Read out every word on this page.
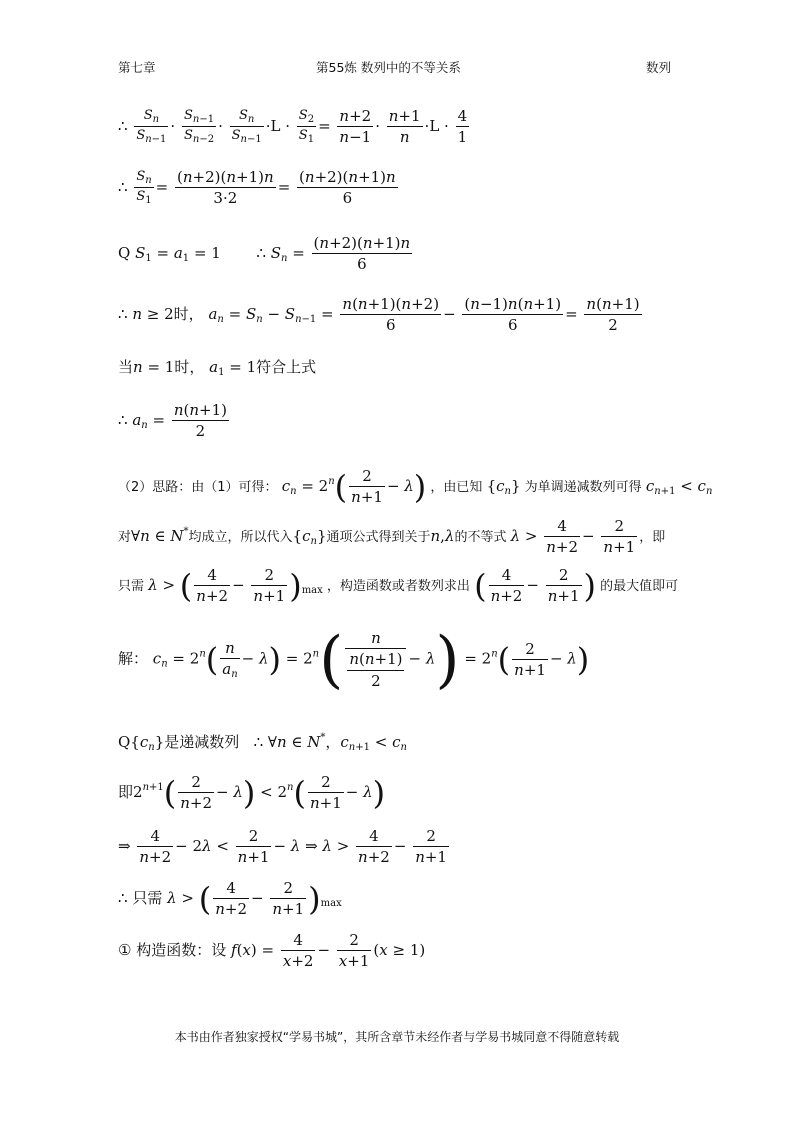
第七章	第55炼 数列中的不等关系	数列
∴ $\frac{S_n}{S_{n-1}} \cdot \frac{S_{n-1}}{S_{n-2}} \cdot \frac{S_n}{S_{n-1}} \cdot L \cdot \frac{S_2}{S_1} = \frac{n+2}{n-1} \cdot \frac{n+1}{n} \cdot L \cdot \frac{4}{1}$
∴ $\frac{S_n}{S_1} = \frac{(n+2)(n+1)n}{3\cdot 2} = \frac{(n+2)(n+1)n}{6}$
Q $S_1 = a_1 = 1$  ∴ $S_n = \frac{(n+2)(n+1)n}{6}$
∴ n ≥ 2时， $a_n = S_n - S_{n-1} = \frac{n(n+1)(n+2)}{6} - \frac{(n-1)n(n+1)}{6} = \frac{n(n+1)}{2}$
当n = 1时， $a_1 = 1$符合上式
∴ $a_n = \frac{n(n+1)}{2}$
（2）思路：由（1）可得： $c_n = 2^n( \frac{2}{n+1} - \lambda)$ ，由已知 $\{c_n\}$ 为单调递减数列可得 $c_{n+1} < c_n$
对∀n ∈ N*均成立，所以代入$\{c_n\}$通项公式得到关于n,λ的不等式 $\lambda > \frac{4}{n+2} - \frac{2}{n+1}$ ，即
只需 λ > ( $\frac{4}{n+2} - \frac{2}{n+1} )_{max}$ ，构造函数或者数列求出 ( $\frac{4}{n+2} - \frac{2}{n+1}$ ) 的最大值即可
解： $c_n = 2^n( \frac{n}{a_n} - \lambda) = 2^n( \frac{n}{\frac{n(n+1)}{2}} - \lambda) = 2^n( \frac{2}{n+1} - \lambda)$
$Q\{c_n\}$是递减数列   ∴ ∀n ∈ N*，$c_{n+1} < c_n$
即$2^{n+1}( \frac{2}{n+2} - \lambda) < 2^n( \frac{2}{n+1} - \lambda)$
⇒ $\frac{4}{n+2} - 2\lambda < \frac{2}{n+1} - \lambda$ ⇒ $\lambda > \frac{4}{n+2} - \frac{2}{n+1}$
∴ 只需 λ > ( $\frac{4}{n+2} - \frac{2}{n+1} )_{max}$
① 构造函数：设 $f(x) = \frac{4}{x+2} - \frac{2}{x+1} (x \ge 1)$
本书由作者独家授权“学易书城”，其所含章节未经作者与学易书城同意不得随意转载
